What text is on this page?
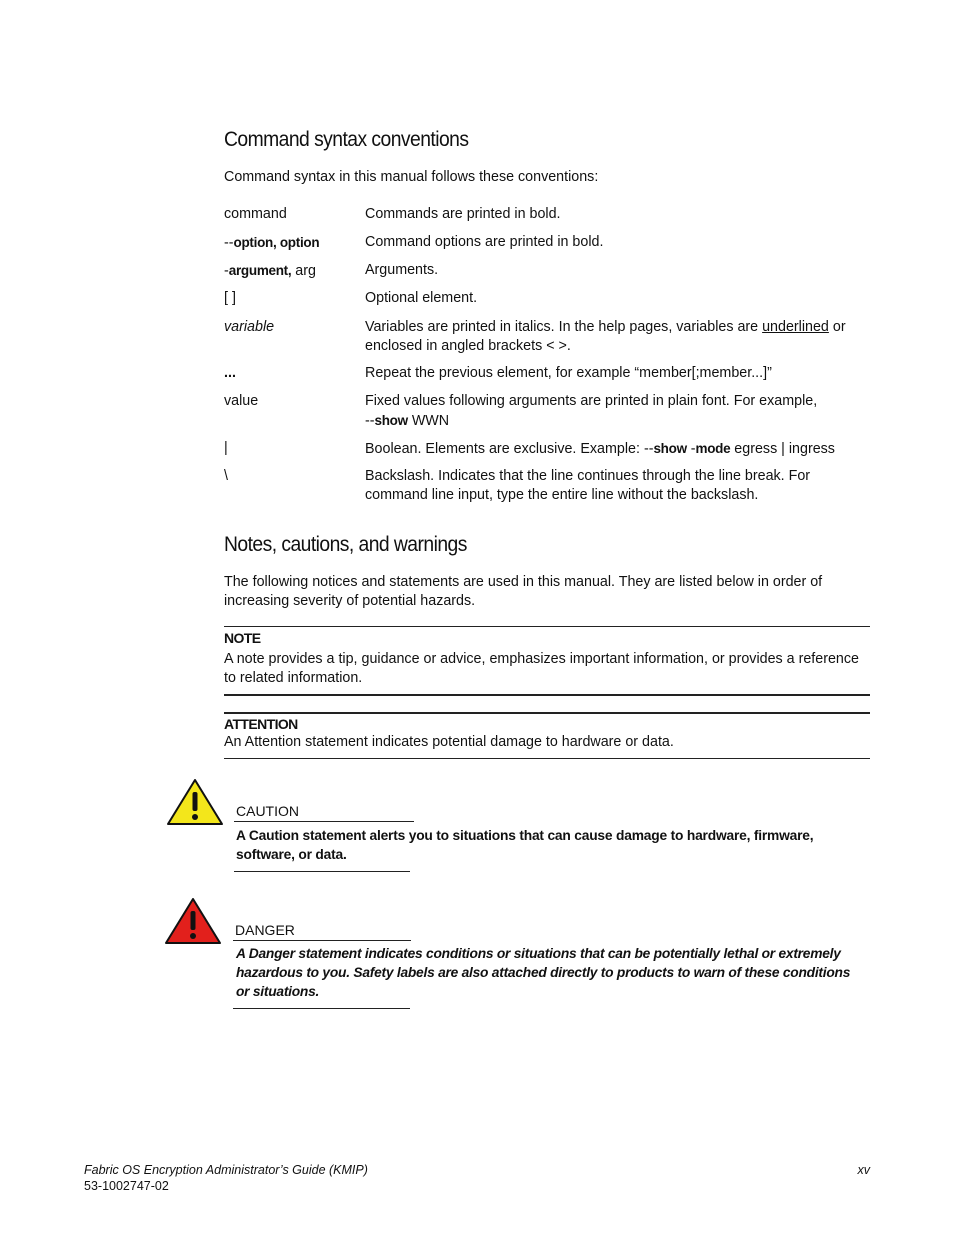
Command syntax conventions
Command syntax in this manual follows these conventions:
command	Commands are printed in bold.
--option, option	Command options are printed in bold.
-argument, arg	Arguments.
[ ]	Optional element.
variable	Variables are printed in italics. In the help pages, variables are underlined or
enclosed in angled brackets < >.
...	Repeat the previous element, for example “member[;member...]”
value	Fixed values following arguments are printed in plain font. For example,
--show WWN
|	Boolean. Elements are exclusive. Example: --show -mode egress | ingress
\	Backslash. Indicates that the line continues through the line break. For
command line input, type the entire line without the backslash.
Notes, cautions, and warnings
The following notices and statements are used in this manual. They are listed below in order of
increasing severity of potential hazards.
NOTE
A note provides a tip, guidance or advice, emphasizes important information, or provides a reference
to related information.
ATTENTION
An Attention statement indicates potential damage to hardware or data.
CAUTION
A Caution statement alerts you to situations that can cause damage to hardware, firmware,
software, or data.
DANGER
A Danger statement indicates conditions or situations that can be potentially lethal or extremely
hazardous to you. Safety labels are also attached directly to products to warn of these conditions
or situations.
Fabric OS Encryption Administrator’s Guide (KMIP)
53-1002747-02
xv
